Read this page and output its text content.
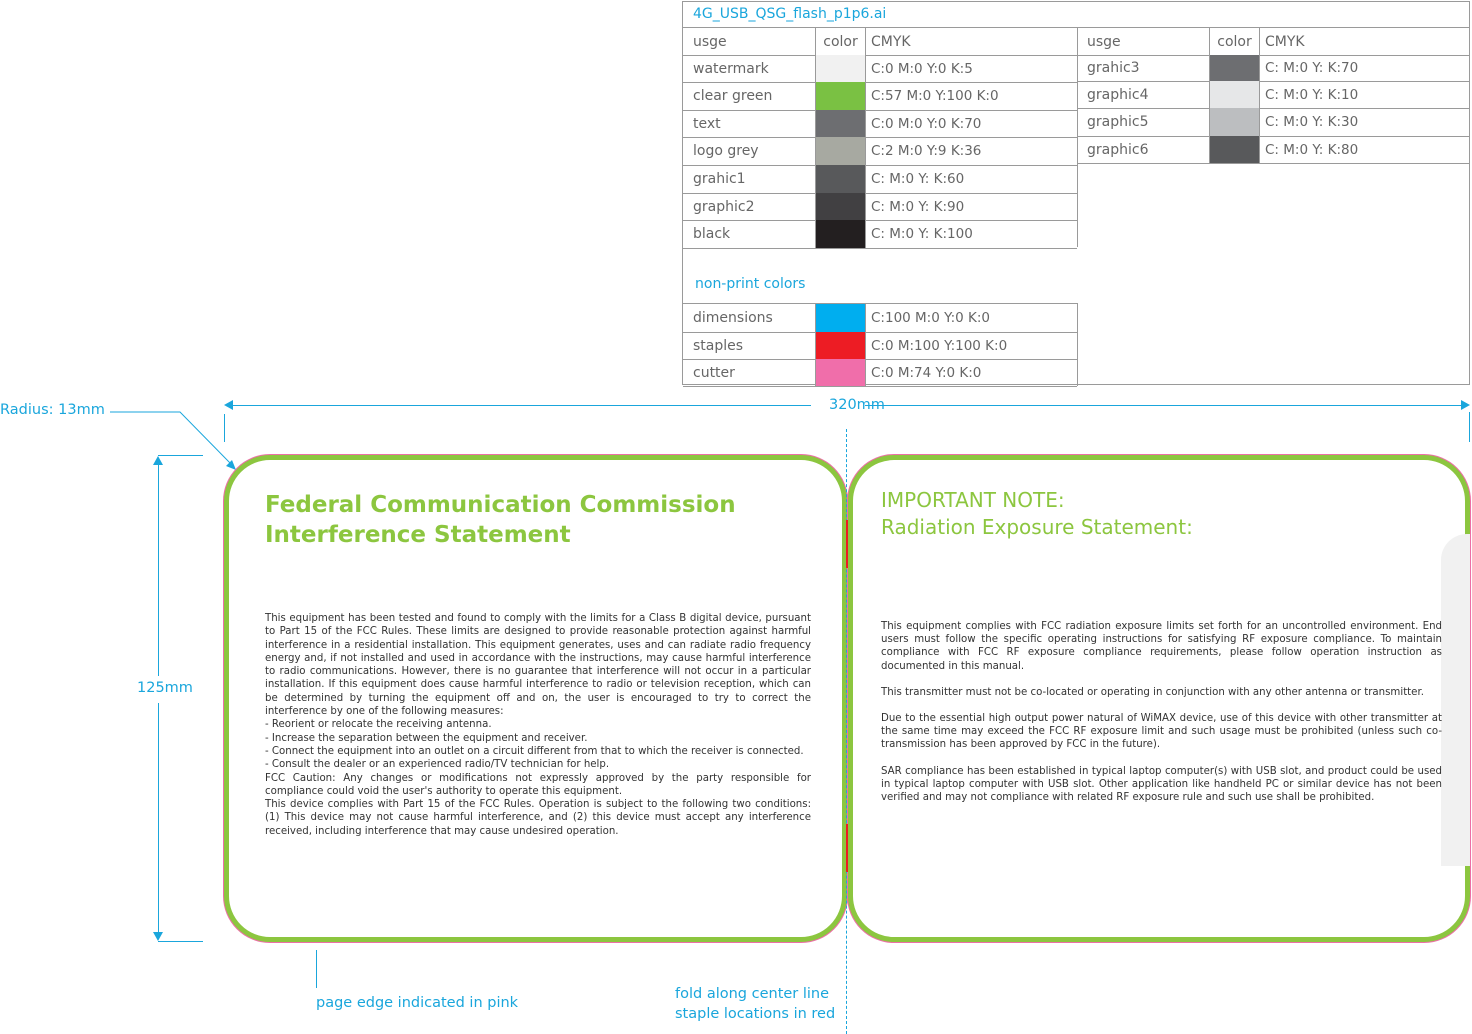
4G_USB_QSG_flash_p1p6.ai
usge	color CMYK
watermark	C:0 M:0 Y:0 K:5
clear green	C:57 M:0 Y:100 K:0
text	C:0 M:0 Y:0 K:70
logo grey	C:2 M:0 Y:9 K:36
grahic1	C: M:0 Y: K:60
graphic2	C: M:0 Y: K:90
black	C: M:0 Y: K:100
usge	color CMYK
grahic3	C: M:0 Y: K:70
graphic4	C: M:0 Y: K:10
graphic5	C: M:0 Y: K:30
graphic6	C: M:0 Y: K:80
non-print colors
dimensions	C:100 M:0 Y:0 K:0
staples	C:0 M:100 Y:100 K:0
cutter	C:0 M:74 Y:0 K:0
Radius: 13mm	320mm
125mm
Federal Communication Commission
Interference Statement

This equipment has been tested and found to comply with the limits for a Class B digital device, pursuant to Part 15 of the FCC Rules. These limits are designed to provide reasonable protection against harmful interference in a residential installation. This equipment generates, uses and can radiate radio frequency energy and, if not installed and used in accordance with the instructions, may cause harmful interference to radio communications. However, there is no guarantee that interference will not occur in a particular installation. If this equipment does cause harmful interference to radio or television reception, which can be determined by turning the equipment off and on, the user is encouraged to try to correct the interference by one of the following measures:

- Reorient or relocate the receiving antenna.

- Increase the separation between the equipment and receiver.

- Connect the equipment into an outlet on a circuit different from that to which the receiver is connected.

- Consult the dealer or an experienced radio/TV technician for help.

FCC Caution: Any changes or modifications not expressly approved by the party responsible for compliance could void the user's authority to operate this equipment.

This device complies with Part 15 of the FCC Rules. Operation is subject to the following two conditions: (1) This device may not cause harmful interference, and (2) this device must accept any interference received, including interference that may cause undesired operation.

IMPORTANT NOTE:
Radiation Exposure Statement:

This equipment complies with FCC radiation exposure limits set forth for an uncontrolled environment. End users must follow the specific operating instructions for satisfying RF exposure compliance. To maintain compliance with FCC RF exposure compliance requirements, please follow operation instruction as documented in this manual.

This transmitter must not be co-located or operating in conjunction with any other antenna or transmitter.

Due to the essential high output power natural of WiMAX device, use of this device with other transmitter at the same time may exceed the FCC RF exposure limit and such usage must be prohibited (unless such co-transmission has been approved by FCC in the future).

SAR compliance has been established in typical laptop computer(s) with USB slot, and product could be used in typical laptop computer with USB slot. Other application like handheld PC or similar device has not been verified and may not compliance with related RF exposure rule and such use shall be prohibited.

page edge indicated in pink
fold along center line
staple locations in red
